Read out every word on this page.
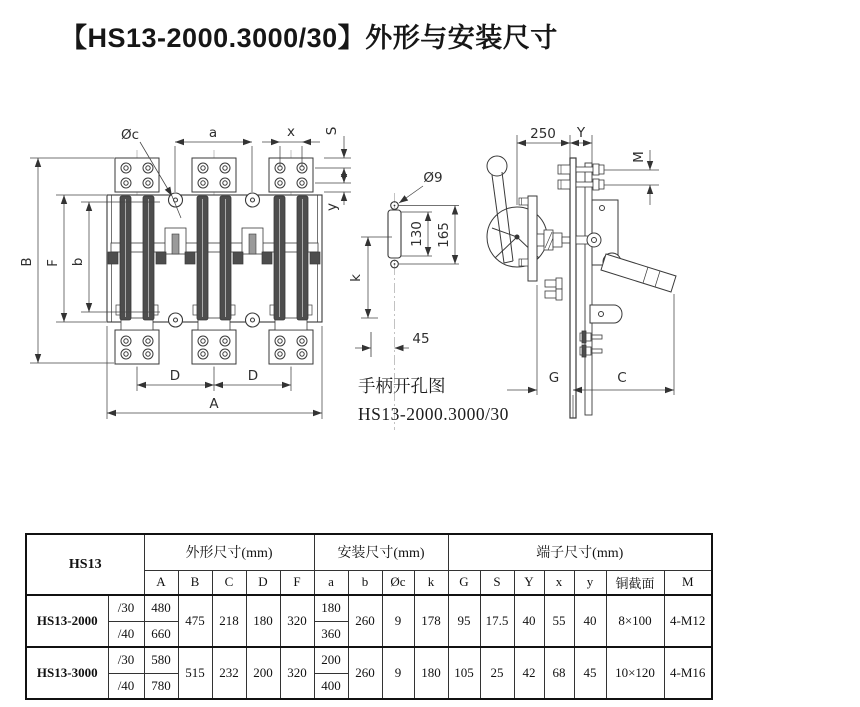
【HS13-2000.3000/30】外形与安装尺寸
B F b
Øc	a	x S
y
D	D
A
Ø9
130 165
k
45
250 Y
M
G	C
手柄开孔图
HS13-2000.3000/30
HS13		外形尺寸(mm)					安装尺寸(mm)				端子尺寸(mm)						
		A	B	C	D	F	a	b	Øc	k	G	S	Y	x	y	铜截面	M
HS13-2000	/30	480	475	218	180	320	180	260	9	178	95	17.5	40	55	40	8×100	4-M12
	/40	660					360										
HS13-3000	/30	580	515	232	200	320	200	260	9	180	105	25	42	68	45	10×120	4-M16
	/40	780					400										
